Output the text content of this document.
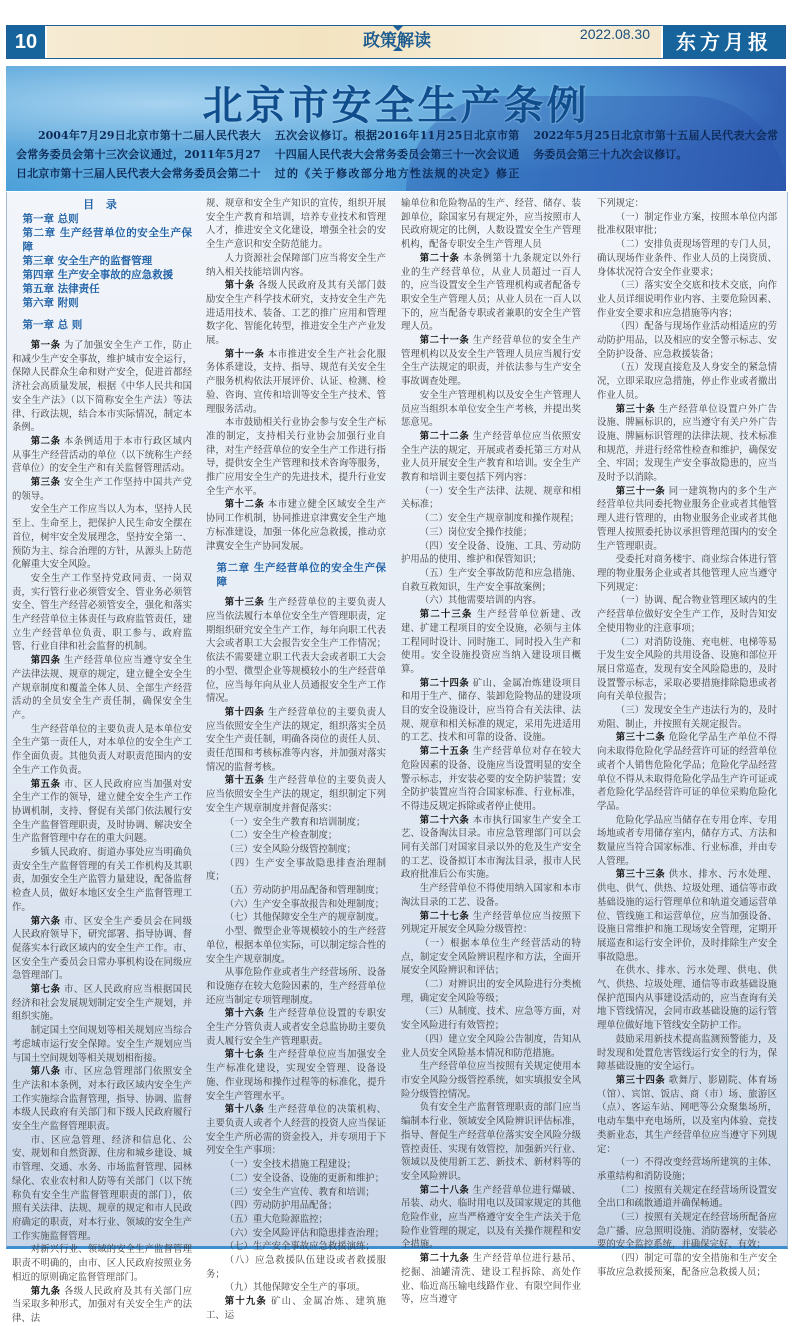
10	政策解读	2022.08.30	东方月报
北京市安全生产条例
2004年7月29日北京市第十二届人民代表大会常务委员会第十三次会议通过，2011年5月27日北京市第十三届人民代表大会常务委员会第二十五次会议修订。根据2016年11月25日北京市第十四届人民代表大会常务委员会第三十一次会议通过的《关于修改部分地方性法规的决定》修正2022年5月25日北京市第十五届人民代表大会常务委员会第三十九次会议修订。
目 录
第一章 总则
第二章 生产经营单位的安全生产保障
第三章 安全生产的监督管理
第四章 生产安全事故的应急救援
第五章 法律责任
第六章 附则
第一章 总 则

第一条 为了加强安全生产工作，防止和减少生产安全事故，维护城市安全运行，保障人民群众生命和财产安全，促进首都经济社会高质量发展，根据《中华人民共和国安全生产法》（以下简称安全生产法）等法律、行政法规，结合本市实际情况，制定本条例。

第二条 本条例适用于本市行政区域内从事生产经营活动的单位（以下统称生产经营单位）的安全生产和有关监督管理活动。

第三条 安全生产工作坚持中国共产党的领导。

安全生产工作应当以人为本，坚持人民至上、生命至上，把保护人民生命安全摆在首位，树牢安全发展理念，坚持安全第一、预防为主、综合治理的方针，从源头上防范化解重大安全风险。

安全生产工作坚持党政同责、一岗双责，实行管行业必须管安全、管业务必须管安全、管生产经营必须管安全，强化和落实生产经营单位主体责任与政府监管责任，建立生产经营单位负责、职工参与、政府监管、行业自律和社会监督的机制。

第四条 生产经营单位应当遵守安全生产法律法规、规章的规定，建立健全安全生产规章制度和覆盖全体人员、全部生产经营活动的全员安全生产责任制，确保安全生产。

生产经营单位的主要负责人是本单位安全生产第一责任人，对本单位的安全生产工作全面负责。其他负责人对职责范围内的安全生产工作负责。

第五条 市、区人民政府应当加强对安全生产工作的领导，建立健全安全生产工作协调机制，支持、督促有关部门依法履行安全生产监督管理职责，及时协调、解决安全生产监督管理中存在的重大问题。

乡镇人民政府、街道办事处应当明确负责安全生产监督管理的有关工作机构及其职责，加强安全生产监管力量建设，配备监督检查人员，做好本地区安全生产监督管理工作。

第六条 市、区安全生产委员会在同级人民政府领导下，研究部署、指导协调、督促落实本行政区域内的安全生产工作。市、区安全生产委员会日常办事机构设在同级应急管理部门。

第七条 市、区人民政府应当根据国民经济和社会发展规划制定安全生产规划，并组织实施。

制定国土空间规划等相关规划应当综合考虑城市运行安全保障。安全生产规划应当与国土空间规划等相关规划相衔接。

第八条 市、区应急管理部门依照安全生产法和本条例，对本行政区域内安全生产工作实施综合监督管理，指导、协调、监督本级人民政府有关部门和下级人民政府履行安全生产监督管理职责。

市、区应急管理、经济和信息化、公安、规划和自然资源、住房和城乡建设、城市管理、交通、水务、市场监督管理、园林绿化、农业农村和人防等有关部门（以下统称负有安全生产监督管理职责的部门），依照有关法律、法规、规章的规定和市人民政府确定的职责，对本行业、领域的安全生产工作实施监督管理。

对新兴行业、领域的安全生产监督管理职责不明确的，由市、区人民政府按照业务相近的原则确定监督管理部门。

第九条 各级人民政府及其有关部门应当采取多种形式，加强对有关安全生产的法律、法

规、规章和安全生产知识的宣传，组织开展安全生产教育和培训，培养专业技术和管理人才，推进安全文化建设，增强全社会的安全生产意识和安全防范能力。

人力资源社会保障部门应当将安全生产纳入相关技能培训内容。

第十条 各级人民政府及其有关部门鼓励安全生产科学技术研究，支持安全生产先进适用技术、装备、工艺的推广应用和管理数字化、智能化转型，推进安全生产产业发展。

第十一条 本市推进安全生产社会化服务体系建设，支持、指导、规范有关安全生产服务机构依法开展评价、认证、检测、检验、咨询、宣传和培训等安全生产技术、管理服务活动。

本市鼓励相关行业协会参与安全生产标准的制定，支持相关行业协会加强行业自律，对生产经营单位的安全生产工作进行指导，提供安全生产管理和技术咨询等服务，推广应用安全生产的先进技术，提升行业安全生产水平。

第十二条 本市建立健全区域安全生产协同工作机制，协同推进京津冀安全生产地方标准建设，加强一体化应急救援，推动京津冀安全生产协同发展。

第二章 生产经营单位的安全生产保障

第十三条 生产经营单位的主要负责人应当依法履行本单位安全生产管理职责，定期组织研究安全生产工作，每年向职工代表大会或者职工大会报告安全生产工作情况；依法不需要建立职工代表大会或者职工大会的小型、微型企业等规模较小的生产经营单位，应当每年向从业人员通报安全生产工作情况。

第十四条 生产经营单位的主要负责人应当依照安全生产法的规定，组织落实全员安全生产责任制，明确各岗位的责任人员、责任范围和考核标准等内容，并加强对落实情况的监督考核。

第十五条 生产经营单位的主要负责人应当依照安全生产法的规定，组织制定下列安全生产规章制度并督促落实：

（一）安全生产教育和培训制度；

（二）安全生产检查制度；

（三）安全风险分级管控制度；

（四）生产安全事故隐患排查治理制度；

（五）劳动防护用品配备和管理制度；

（六）生产安全事故报告和处理制度；

（七）其他保障安全生产的规章制度。

小型、微型企业等规模较小的生产经营单位，根据本单位实际，可以制定综合性的安全生产规章制度。

从事危险作业或者生产经营场所、设备和设施存在较大危险因素的，生产经营单位还应当制定专项管理制度。

第十六条 生产经营单位设置的专职安全生产分管负责人或者安全总监协助主要负责人履行安全生产管理职责。

第十七条 生产经营单位应当加强安全生产标准化建设，实现安全管理、设备设施、作业现场和操作过程等的标准化，提升安全生产管理水平。

第十八条 生产经营单位的决策机构、主要负责人或者个人经营的投资人应当保证安全生产所必需的资金投入，并专项用于下列安全生产事项：

（一）安全技术措施工程建设；

（二）安全设备、设施的更新和维护；

（三）安全生产宣传、教育和培训；

（四）劳动防护用品配备；

（五）重大危险源监控；

（六）安全风险评估和隐患排查治理；

（七）生产安全事故应急救援演练；

（八）应急救援队伍建设或者救援服务；

（九）其他保障安全生产的事项。

第十九条 矿山、金属冶炼、建筑施工、运

输单位和危险物品的生产、经营、储存、装卸单位，除国家另有规定外，应当按照市人民政府规定的比例，人数设置安全生产管理机构，配备专职安全生产管理人员

第二十条 本条例第十九条规定以外行业的生产经营单位，从业人员超过一百人的，应当设置安全生产管理机构或者配备专职安全生产管理人员；从业人员在一百人以下的，应当配备专职或者兼职的安全生产管理人员。

第二十一条 生产经营单位的安全生产管理机构以及安全生产管理人员应当履行安全生产法规定的职责，并依法参与生产安全事故调查处理。

安全生产管理机构以及安全生产管理人员应当组织本单位安全生产考核，并提出奖惩意见。

第二十二条 生产经营单位应当依照安全生产法的规定，开展或者委托第三方对从业人员开展安全生产教育和培训。安全生产教育和培训主要包括下列内容：

（一）安全生产法律、法规、规章和相关标准；

（二）安全生产规章制度和操作规程；

（三）岗位安全操作技能；

（四）安全设备、设施、工具、劳动防护用品的使用、维护和保管知识；

（五）生产安全事故防范和应急措施、自救互救知识，生产安全事故案例；

（六）其他需要培训的内容。

第二十三条 生产经营单位新建、改建、扩建工程项目的安全设施，必须与主体工程同时设计、同时施工、同时投入生产和使用。安全设施投资应当纳入建设项目概算。

第二十四条 矿山、金属冶炼建设项目和用于生产、储存、装卸危险物品的建设项目的安全设施设计，应当符合有关法律、法规、规章和相关标准的规定，采用先进适用的工艺、技术和可靠的设备、设施。

第二十五条 生产经营单位对存在较大危险因素的设备、设施应当设置明显的安全警示标志，并安装必要的安全防护装置；安全防护装置应当符合国家标准、行业标准，不得违反规定拆除或者停止使用。

第二十六条 本市执行国家生产安全工艺、设备淘汰目录。市应急管理部门可以会同有关部门对国家目录以外的危及生产安全的工艺、设备拟订本市淘汰目录，报市人民政府批准后公布实施。

生产经营单位不得使用纳入国家和本市淘汰目录的工艺、设备。

第二十七条 生产经营单位应当按照下列规定开展安全风险分级管控：

（一）根据本单位生产经营活动的特点，制定安全风险辨识程序和方法，全面开展安全风险辨识和评估；

（二）对辨识出的安全风险进行分类梳理，确定安全风险等级；

（三）从制度、技术、应急等方面，对安全风险进行有效管控；

（四）建立安全风险公告制度，告知从业人员安全风险基本情况和防范措施。

生产经营单位应当按照有关规定使用本市安全风险分级管控系统，如实填报安全风险分级管控情况。

负有安全生产监督管理职责的部门应当编制本行业、领域安全风险辨识评估标准，指导、督促生产经营单位落实安全风险分级管控责任、实现有效管控，加强新兴行业、领域以及使用新工艺、新技术、新材料等的安全风险辨识。

第二十八条 生产经营单位进行爆破、吊装、动火、临时用电以及国家规定的其他危险作业，应当严格遵守安全生产法关于危险作业管理的规定，以及有关操作规程和安全措施。

第二十九条 生产经营单位进行悬吊、挖掘、油罐清洗、建设工程拆除、高处作业、临近高压输电线路作业、有限空间作业等，应当遵守

下列规定：

（一）制定作业方案，按照本单位内部批准权限审批；

（二）安排负责现场管理的专门人员，确认现场作业条件、作业人员的上岗资质、身体状况符合安全作业要求；

（三）落实安全交底和技术交底，向作业人员详细说明作业内容、主要危险因素、作业安全要求和应急措施等内容；

（四）配备与现场作业活动相适应的劳动防护用品，以及相应的安全警示标志、安全防护设备、应急救援装备；

（五）发现直接危及人身安全的紧急情况，立即采取应急措施，停止作业或者撤出作业人员。

第三十条 生产经营单位设置户外广告设施、牌匾标识的，应当遵守有关户外广告设施、牌匾标识管理的法律法规、技术标准和规范，并进行经常性检查和维护，确保安全、牢固；发现生产安全事故隐患的，应当及时予以消除。

第三十一条 同一建筑物内的多个生产经营单位共同委托物业服务企业或者其他管理人进行管理的，由物业服务企业或者其他管理人按照委托协议承担管理范围内的安全生产管理职责。

受委托对商务楼宇、商业综合体进行管理的物业服务企业或者其他管理人应当遵守下列规定：

（一）协调、配合物业管理区域内的生产经营单位做好安全生产工作，及时告知安全使用物业的注意事项；

（二）对消防设施、充电桩、电梯等易于发生安全风险的共用设备、设施和部位开展日常巡查，发现有安全风险隐患的，及时设置警示标志，采取必要措施排除隐患或者向有关单位报告；

（三）发现安全生产违法行为的，及时劝阻、制止，并按照有关规定报告。

第三十二条 危险化学品生产单位不得向未取得危险化学品经营许可证的经营单位或者个人销售危险化学品；危险化学品经营单位不得从未取得危险化学品生产许可证或者危险化学品经营许可证的单位采购危险化学品。

危险化学品应当储存在专用仓库、专用场地或者专用储存室内，储存方式、方法和数量应当符合国家标准、行业标准，并由专人管理。

第三十三条 供水、排水、污水处理、供电、供气、供热、垃圾处理、通信等市政基础设施的运行管理单位和轨道交通运营单位、管线施工和运营单位，应当加强设备、设施日常维护和施工现场安全管理，定期开展巡查和运行安全评价，及时排除生产安全事故隐患。

在供水、排水、污水处理、供电、供气、供热、垃圾处理、通信等市政基础设施保护范围内从事建设活动的，应当查询有关地下管线情况，会同市政基础设施的运行管理单位做好地下管线安全防护工作。

鼓励采用新技术提高监测预警能力，及时发现和处置危害管线运行安全的行为，保障基础设施的安全运行。

第三十四条 歌舞厅、影剧院、体育场（馆）、宾馆、饭店、商（市）场、旅游区（点）、客运车站、网吧等公众聚集场所，电动车集中充电场所，以及室内体验、竞技类新业态，其生产经营单位应当遵守下列规定：

（一）不得改变经营场所建筑的主体、承重结构和消防设施；

（二）按照有关规定在经营场所设置安全出口和疏散通道并确保畅通。

（三）按照有关规定在经营场所配备应急广播、应急照明设施、消防器材，安装必要的安全监控系统，并确保完好、有效；

（四）制定可靠的安全措施和生产安全事故应急救援预案，配备应急救援人员；
